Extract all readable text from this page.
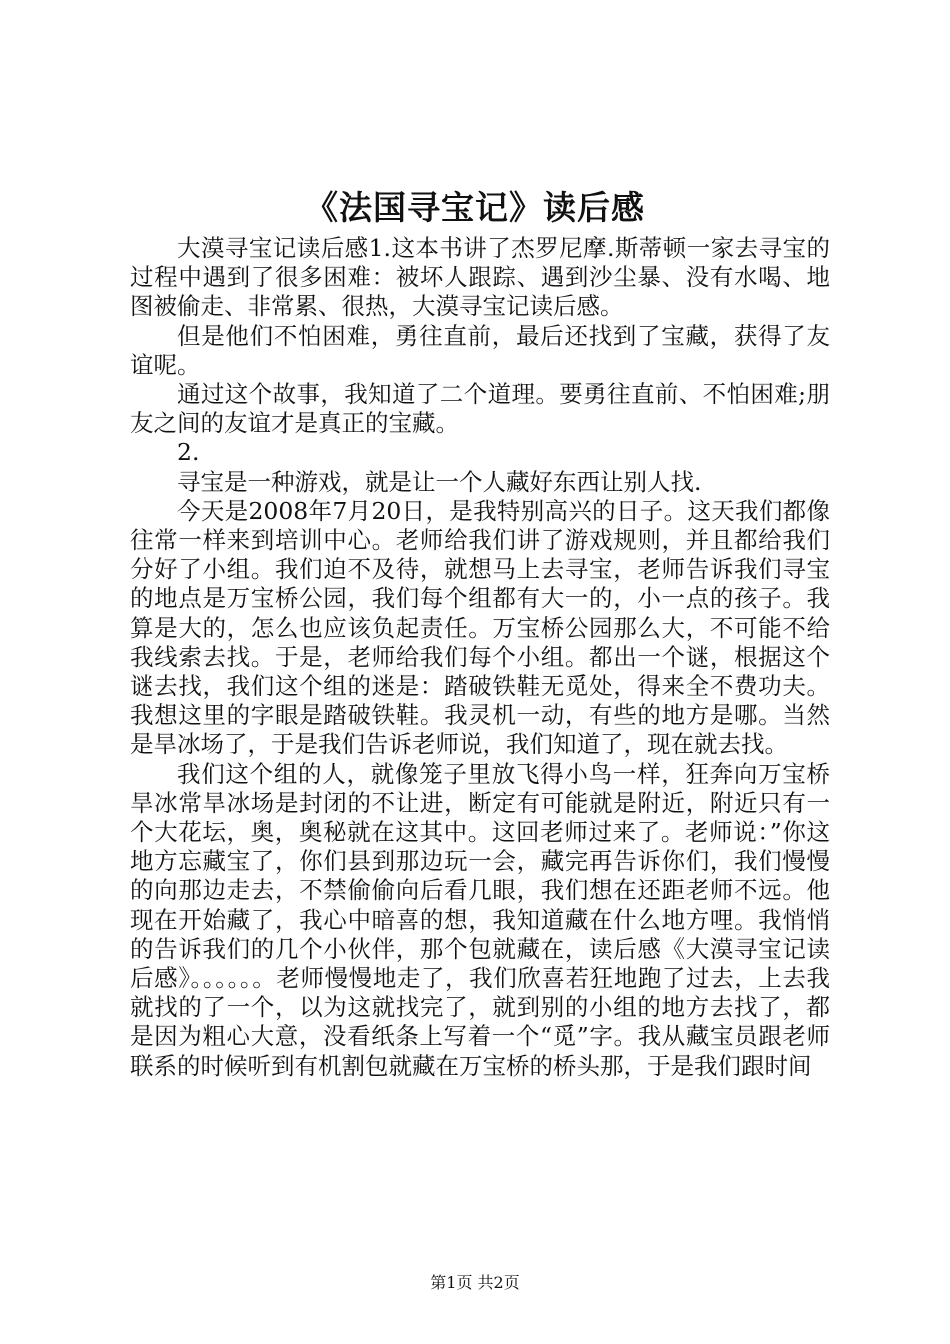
《法国寻宝记》读后感

大漠寻宝记读后感1.这本书讲了杰罗尼摩.斯蒂顿一家去寻宝的过程中遇到了很多困难：被坏人跟踪、遇到沙尘暴、没有水喝、地图被偷走、非常累、很热，大漠寻宝记读后感。

但是他们不怕困难，勇往直前，最后还找到了宝藏，获得了友谊呢。

通过这个故事，我知道了二个道理。要勇往直前、不怕困难;朋友之间的友谊才是真正的宝藏。

2.

寻宝是一种游戏，就是让一个人藏好东西让别人找.

今天是2008年7月20日，是我特别高兴的日子。这天我们都像往常一样来到培训中心。老师给我们讲了游戏规则，并且都给我们分好了小组。我们迫不及待，就想马上去寻宝，老师告诉我们寻宝的地点是万宝桥公园，我们每个组都有大一的，小一点的孩子。我算是大的，怎么也应该负起责任。万宝桥公园那么大，不可能不给我线索去找。于是，老师给我们每个小组。都出一个谜，根据这个谜去找，我们这个组的迷是：踏破铁鞋无觅处，得来全不费功夫。我想这里的字眼是踏破铁鞋。我灵机一动，有些的地方是哪。当然是旱冰场了，于是我们告诉老师说，我们知道了，现在就去找。

我们这个组的人，就像笼子里放飞得小鸟一样，狂奔向万宝桥旱冰常旱冰场是封闭的不让进，断定有可能就是附近，附近只有一个大花坛，奥，奥秘就在这其中。这回老师过来了。老师说：”你这地方忘藏宝了，你们县到那边玩一会，藏完再告诉你们，我们慢慢的向那边走去，不禁偷偷向后看几眼，我们想在还距老师不远。他现在开始藏了，我心中暗喜的想，我知道藏在什么地方哩。我悄悄的告诉我们的几个小伙伴，那个包就藏在，读后感《大漠寻宝记读后感》。。。。。。老师慢慢地走了，我们欣喜若狂地跑了过去，上去我就找的了一个，以为这就找完了，就到别的小组的地方去找了，都是因为粗心大意，没看纸条上写着一个“觅”字。我从藏宝员跟老师联系的时候听到有机割包就藏在万宝桥的桥头那，于是我们跟时间

第1页 共2页
